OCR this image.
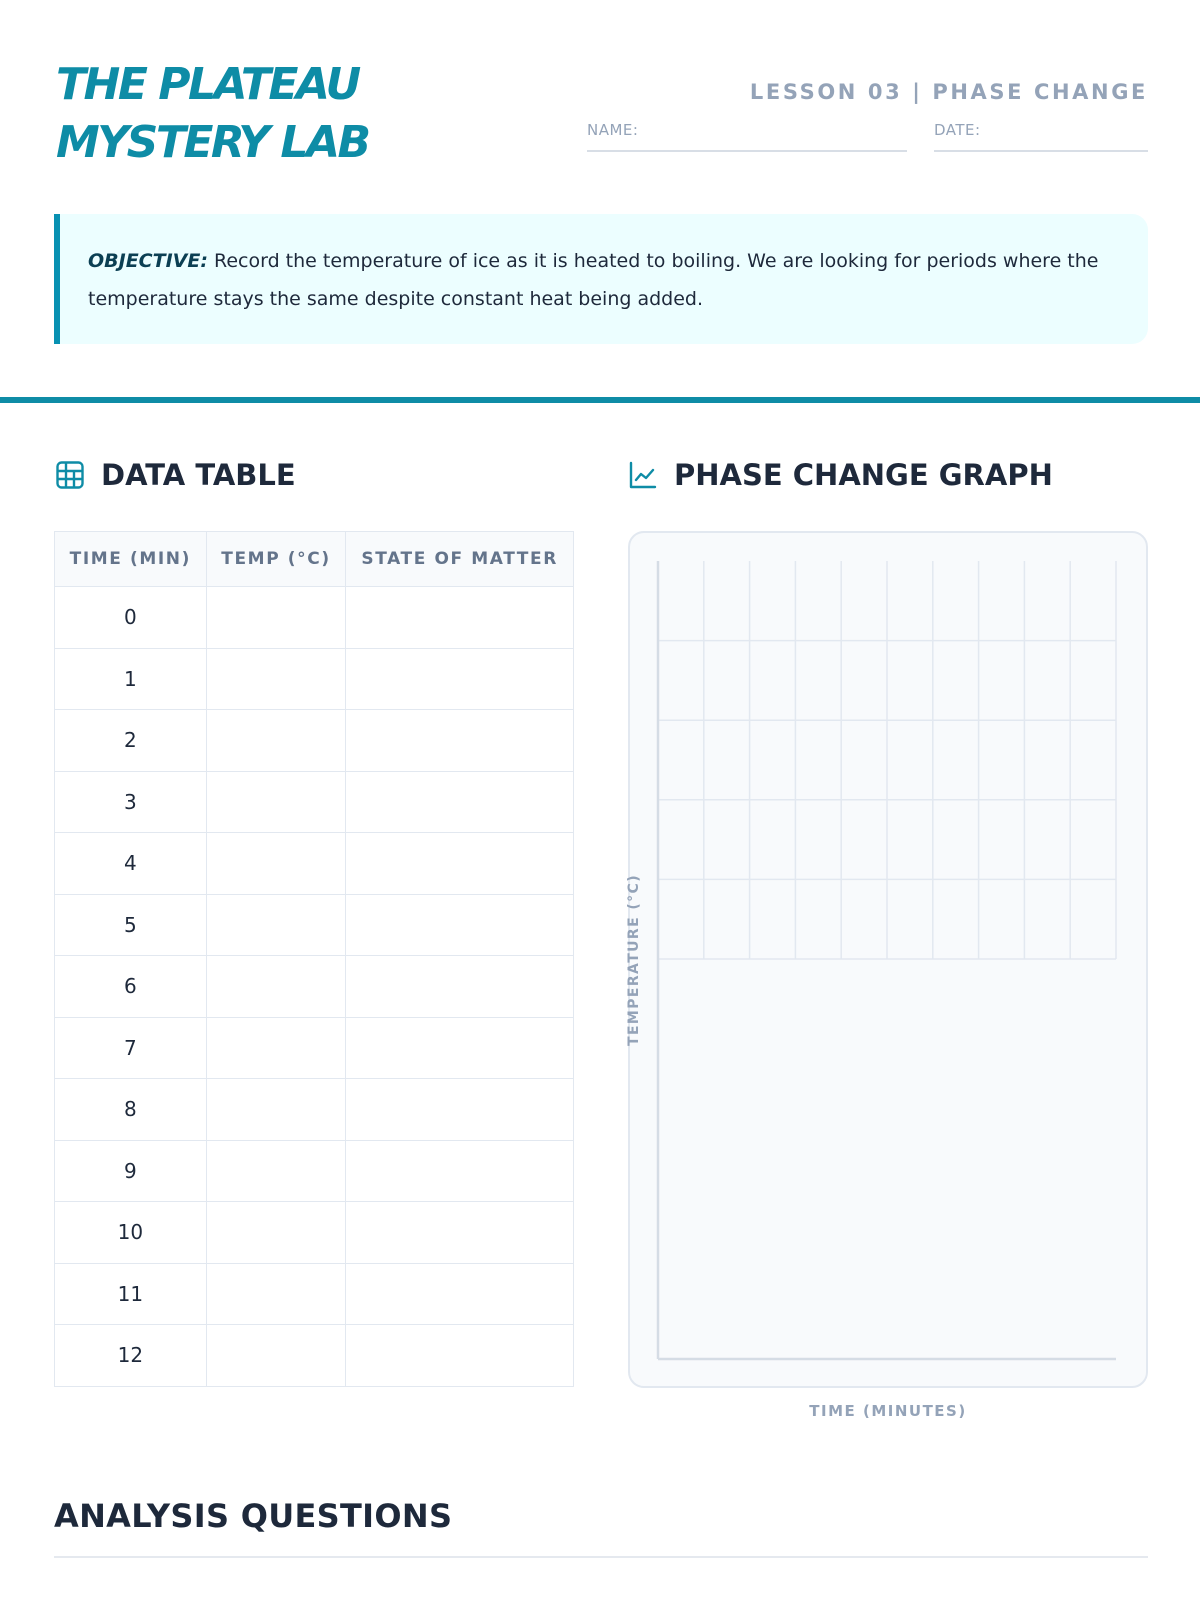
THE PLATEAU
MYSTERY LAB
LESSON 03 | PHASE CHANGE
NAME:	DATE:
OBJECTIVE: Record the temperature of ice as it is heated to boiling. We are looking for periods where the temperature stays the same despite constant heat being added.
DATA TABLE
TIME (MIN)	TEMP (°C)	STATE OF MATTER
0		
1		
2		
3		
4		
5		
6		
7		
8		
9		
10		
11		
12		
PHASE CHANGE GRAPH
TEMPERATURE (°C)
TIME (MINUTES)
ANALYSIS QUESTIONS
